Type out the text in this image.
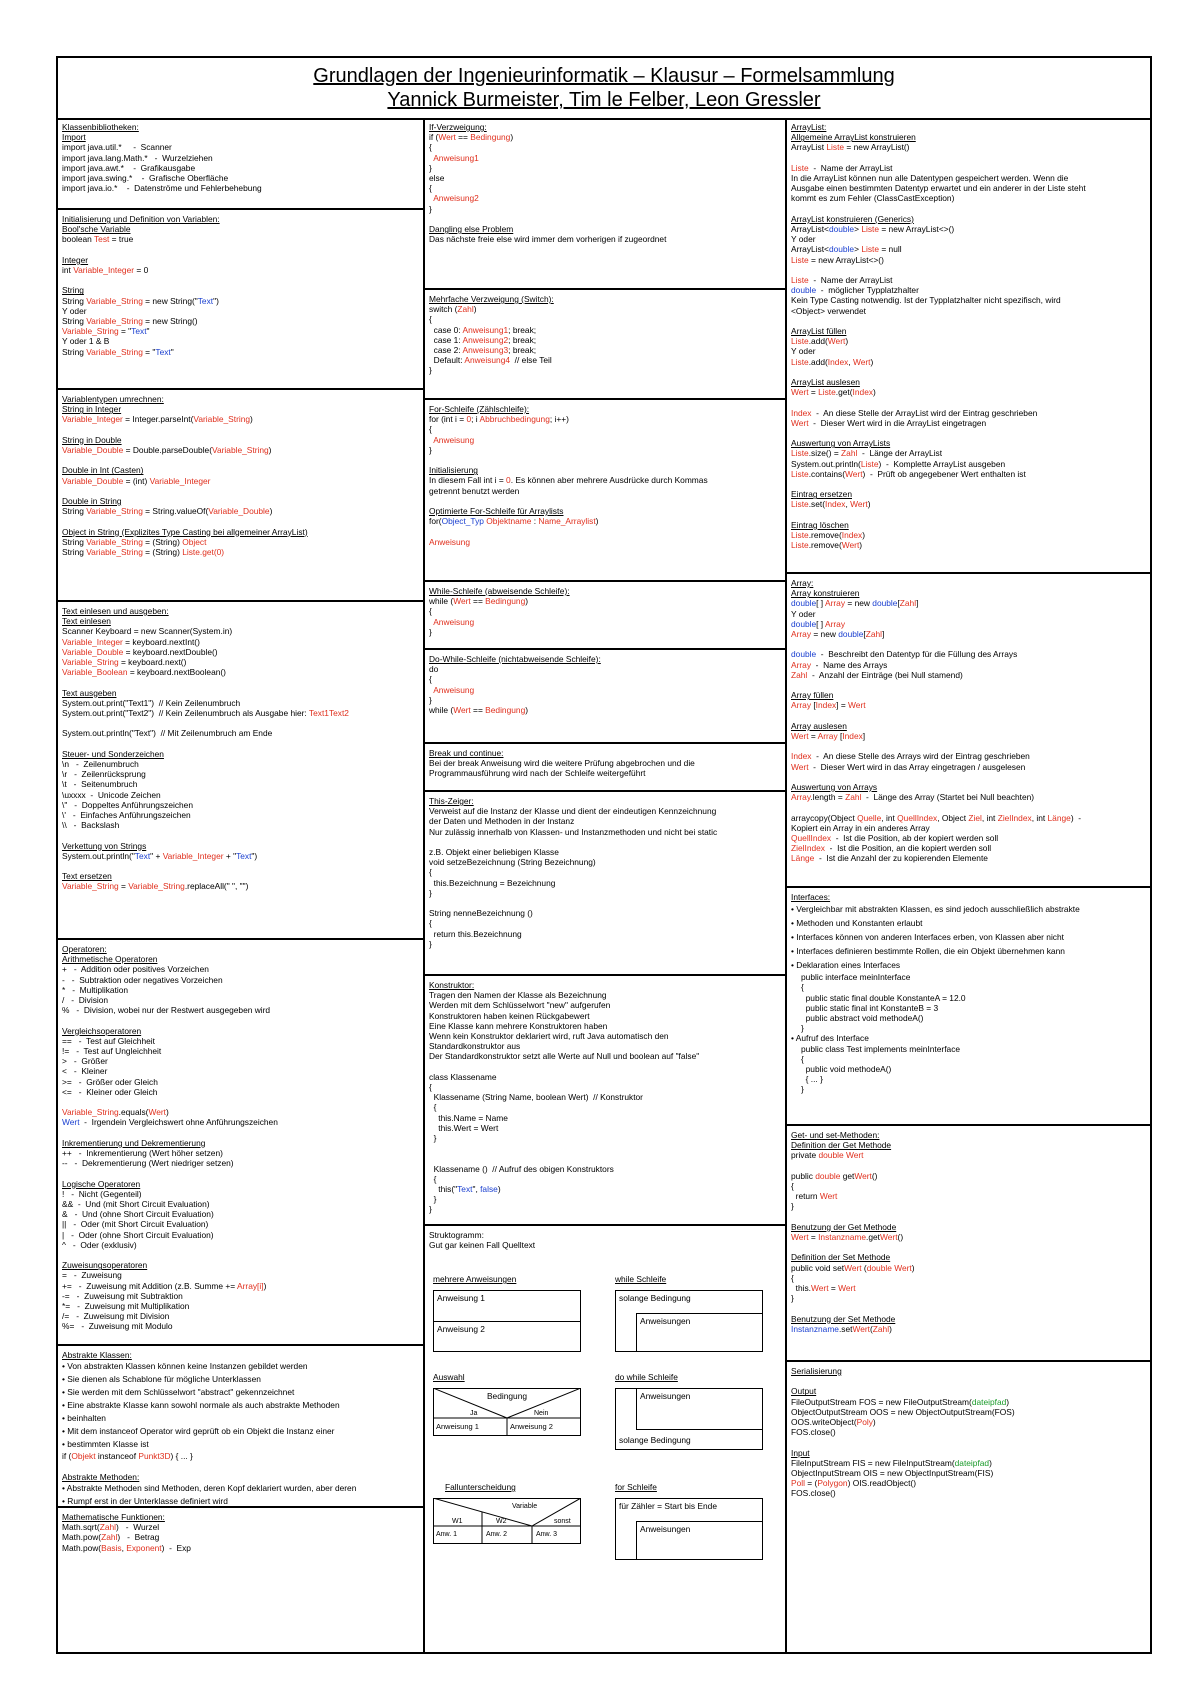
Grundlagen der Ingenieurinformatik – Klausur – Formelsammlung
Yannick Burmeister, Tim le Felber, Leon Gressler
Klassenbibliotheken:
Import
import java.util.*     -  Scanner
import java.lang.Math.*   -  Wurzelziehen
import java.awt.*    -  Grafikausgabe
import java.swing.*    -  Grafische Oberfläche
import java.io.*    -  Datenströme und Fehlerbehebung
Initialisierung und Definition von Variablen:
Bool'sche Variable
boolean Test = true
Integer
int Variable_Integer = 0
String
String Variable_String = new String("Text")
Y oder
String Variable_String = new String()
Variable_String = "Text"
Y oder 1 & B
String Variable_String = "Text"
Variablentypen umrechnen:
String in Integer
Variable_Integer = Integer.parseInt(Variable_String)
String in Double
Variable_Double = Double.parseDouble(Variable_String)
Double in Int (Casten)
Variable_Double = (int) Variable_Integer
Double in String
String Variable_String = String.valueOf(Variable_Double)
Object in String (Explizites Type Casting bei allgemeiner ArrayList)
String Variable_String = (String) Object
String Variable_String = (String) Liste.get(0)
Text einlesen und ausgeben:
Text einlesen
Scanner Keyboard = new Scanner(System.in)
Variable_Integer = keyboard.nextInt()
Variable_Double = keyboard.nextDouble()
Variable_String = keyboard.next()
Variable_Boolean = keyboard.nextBoolean()
Text ausgeben
System.out.print("Text1")  // Kein Zeilenumbruch
System.out.print("Text2")  // Kein Zeilenumbruch als Ausgabe hier: Text1Text2
System.out.println("Text")  // Mit Zeilenumbruch am Ende
Steuer- und Sonderzeichen
\n   -  Zeilenumbruch
\r   -  Zeilenrücksprung
\t   -  Seitenumbruch
\uxxxx  -  Unicode Zeichen
\"   -  Doppeltes Anführungszeichen
\'   -  Einfaches Anführungszeichen
\\   -  Backslash
Verkettung von Strings
System.out.println("Text" + Variable_Integer + "Text")
Text ersetzen
Variable_String = Variable_String.replaceAll(" ", "")
Operatoren:
Arithmetische Operatoren
+   -  Addition oder positives Vorzeichen
-   -  Subtraktion oder negatives Vorzeichen
*   -  Multiplikation
/   -  Division
%   -  Division, wobei nur der Restwert ausgegeben wird
Vergleichsoperatoren
==   -  Test auf Gleichheit
!=   -  Test auf Ungleichheit
>   -  Größer
<   -  Kleiner
>=   -  Größer oder Gleich
<=   -  Kleiner oder Gleich
Variable_String.equals(Wert)
Wert  -  Irgendein Vergleichswert ohne Anführungszeichen
Inkrementierung und Dekrementierung
++   -  Inkrementierung (Wert höher setzen)
--   -  Dekrementierung (Wert niedriger setzen)
Logische Operatoren
!   -  Nicht (Gegenteil)
&&  -  Und (mit Short Circuit Evaluation)
&   -  Und (ohne Short Circuit Evaluation)
||   -  Oder (mit Short Circuit Evaluation)
|   -  Oder (ohne Short Circuit Evaluation)
^   -  Oder (exklusiv)
Zuweisungsoperatoren
=   -  Zuweisung
+=   -  Zuweisung mit Addition (z.B. Summe += Array[i])
-=   -  Zuweisung mit Subtraktion
*=   -  Zuweisung mit Multiplikation
/=   -  Zuweisung mit Division
%=   -  Zuweisung mit Modulo
Abstrakte Klassen:
• Von abstrakten Klassen können keine Instanzen gebildet werden
• Sie dienen als Schablone für mögliche Unterklassen
• Sie werden mit dem Schlüsselwort "abstract" gekennzeichnet
• Eine abstrakte Klasse kann sowohl normale als auch abstrakte Methoden
• beinhalten
• Mit dem instanceof Operator wird geprüft ob ein Objekt die Instanz einer
• bestimmten Klasse ist
if (Objekt instanceof Punkt3D) { ... }
Abstrakte Methoden:
• Abstrakte Methoden sind Methoden, deren Kopf deklariert wurden, aber deren
• Rumpf erst in der Unterklasse definiert wird
Mathematische Funktionen:
Math.sqrt(Zahl)   -  Wurzel
Math.pow(Zahl)   -  Betrag
Math.pow(Basis, Exponent)  -  Exp
If-Verzweigung:
if (Wert == Bedingung)
{
Anweisung1
}
else
{
Anweisung2
}
Dangling else Problem
Das nächste freie else wird immer dem vorherigen if zugeordnet
Mehrfache Verzweigung (Switch):
switch (Zahl)
{
case 0: Anweisung1; break;
case 1: Anweisung2; break;
case 2: Anweisung3; break;
Default: Anweisung4  // else Teil
}
For-Schleife (Zählschleife):
for (int i = 0; i Abbruchbedingung; i++)
{
Anweisung
}
Initialisierung
In diesem Fall int i = 0. Es können aber mehrere Ausdrücke durch Kommas
getrennt benutzt werden
Optimierte For-Schleife für Arraylists
for(Object_Typ Objektname : Name_Arraylist)
Anweisung
While-Schleife (abweisende Schleife):
while (Wert == Bedingung)
{
Anweisung
}
Do-While-Schleife (nichtabweisende Schleife):
do
{
Anweisung
}
while (Wert == Bedingung)
Break und continue:
Bei der break Anweisung wird die weitere Prüfung abgebrochen und die
Programmausführung wird nach der Schleife weitergeführt
This-Zeiger:
Verweist auf die Instanz der Klasse und dient der eindeutigen Kennzeichnung
der Daten und Methoden in der Instanz
Nur zulässig innerhalb von Klassen- und Instanzmethoden und nicht bei static
z.B. Objekt einer beliebigen Klasse
void setzeBezeichnung (String Bezeichnung)
{
this.Bezeichnung = Bezeichnung
}

String nenneBezeichnung ()
{
return this.Bezeichnung
}
Konstruktor:
Tragen den Namen der Klasse als Bezeichnung
Werden mit dem Schlüsselwort "new" aufgerufen
Konstruktoren haben keinen Rückgabewert
Eine Klasse kann mehrere Konstruktoren haben
Wenn kein Konstruktor deklariert wird, ruft Java automatisch den
Standardkonstruktor aus
Der Standardkonstruktor setzt alle Werte auf Null und boolean auf "false"
class Klassename
{
Klassename (String Name, boolean Wert)  // Konstruktor
{
this.Name = Name
this.Wert = Wert
}

Klassename ()  // Aufruf des obigen Konstruktors
{
this("Text", false)
}
}
Struktogramm:
Gut gar keinen Fall Quelltext
mehrere Anweisungen
Anweisung 1
Anweisung 2
while Schleife
solange Bedingung
Anweisungen
Auswahl
Bedingung
Ja	Nein
Anweisung 1	Anweisung 2
do while Schleife
Anweisungen
solange Bedingung
Fallunterscheidung
Variable
W1	W2	sonst
Anw. 1	Anw. 2	Anw. 3
for Schleife
für Zähler = Start bis Ende
Anweisungen
ArrayList:
Allgemeine ArrayList konstruieren
ArrayList Liste = new ArrayList()
Liste  -  Name der ArrayList
In die ArrayList können nun alle Datentypen gespeichert werden. Wenn die
Ausgabe einen bestimmten Datentyp erwartet und ein anderer in der Liste steht
kommt es zum Fehler (ClassCastException)
ArrayList konstruieren (Generics)
ArrayList<double> Liste = new ArrayList<>()
Y oder
ArrayList<double> Liste = null
Liste = new ArrayList<>()
Liste  -  Name der ArrayList
double  -  möglicher Typplatzhalter
Kein Type Casting notwendig. Ist der Typplatzhalter nicht spezifisch, wird
<Object> verwendet
ArrayList füllen
Liste.add(Wert)
Y oder
Liste.add(Index, Wert)
ArrayList auslesen
Wert = Liste.get(Index)
Index  -  An diese Stelle der ArrayList wird der Eintrag geschrieben
Wert  -  Dieser Wert wird in die ArrayList eingetragen
Auswertung von ArrayLists
Liste.size() = Zahl  -  Länge der ArrayList
System.out.println(Liste)  -  Komplette ArrayList ausgeben
Liste.contains(Wert)  -  Prüft ob angegebener Wert enthalten ist
Eintrag ersetzen
Liste.set(Index, Wert)
Eintrag löschen
Liste.remove(Index)
Liste.remove(Wert)
Array:
Array konstruieren
double[ ] Array = new double[Zahl]
Y oder
double[ ] Array
Array = new double[Zahl]
double  -  Beschreibt den Datentyp für die Füllung des Arrays
Array  -  Name des Arrays
Zahl  -  Anzahl der Einträge (bei Null stamend)
Array füllen
Array [Index] = Wert
Array auslesen
Wert = Array [Index]
Index  -  An diese Stelle des Arrays wird der Eintrag geschrieben
Wert  -  Dieser Wert wird in das Array eingetragen / ausgelesen
Auswertung von Arrays
Array.length = Zahl  -  Länge des Array (Startet bei Null beachten)
arraycopy(Object Quelle, int QuellIndex, Object Ziel, int ZielIndex, int Länge)  -
Kopiert ein Array in ein anderes Array
QuellIndex  -  Ist die Position, ab der kopiert werden soll
ZielIndex  -  Ist die Position, an die kopiert werden soll
Länge  -  Ist die Anzahl der zu kopierenden Elemente
Interfaces:
• Vergleichbar mit abstrakten Klassen, es sind jedoch ausschließlich abstrakte
• Methoden und Konstanten erlaubt
• Interfaces können von anderen Interfaces erben, von Klassen aber nicht
• Interfaces definieren bestimmte Rollen, die ein Objekt übernehmen kann
• Deklaration eines Interfaces
public interface meinInterface
{
public static final double KonstanteA = 12.0
public static final int KonstanteB = 3
public abstract void methodeA()
}
• Aufruf des Interface
public class Test implements meinInterface
{
public void methodeA()
{ ... }
}
Get- und set-Methoden:
Definition der Get Methode
private double Wert
public double getWert()
{
return Wert
}
Benutzung der Get Methode
Wert = Instanzname.getWert()
Definition der Set Methode
public void setWert (double Wert)
{
this.Wert = Wert
}
Benutzung der Set Methode
Instanzname.setWert(Zahl)
Serialisierung
Output
FileOutputStream FOS = new FileOutputStream(dateipfad)
ObjectOutputStream OOS = new ObjectOutputStream(FOS)
OOS.writeObject(Poly)
FOS.close()
Input
FileInputStream FIS = new FileInputStream(dateipfad)
ObjectInputStream OIS = new ObjectInputStream(FIS)
Poll = (Polygon) OIS.readObject()
FOS.close()
